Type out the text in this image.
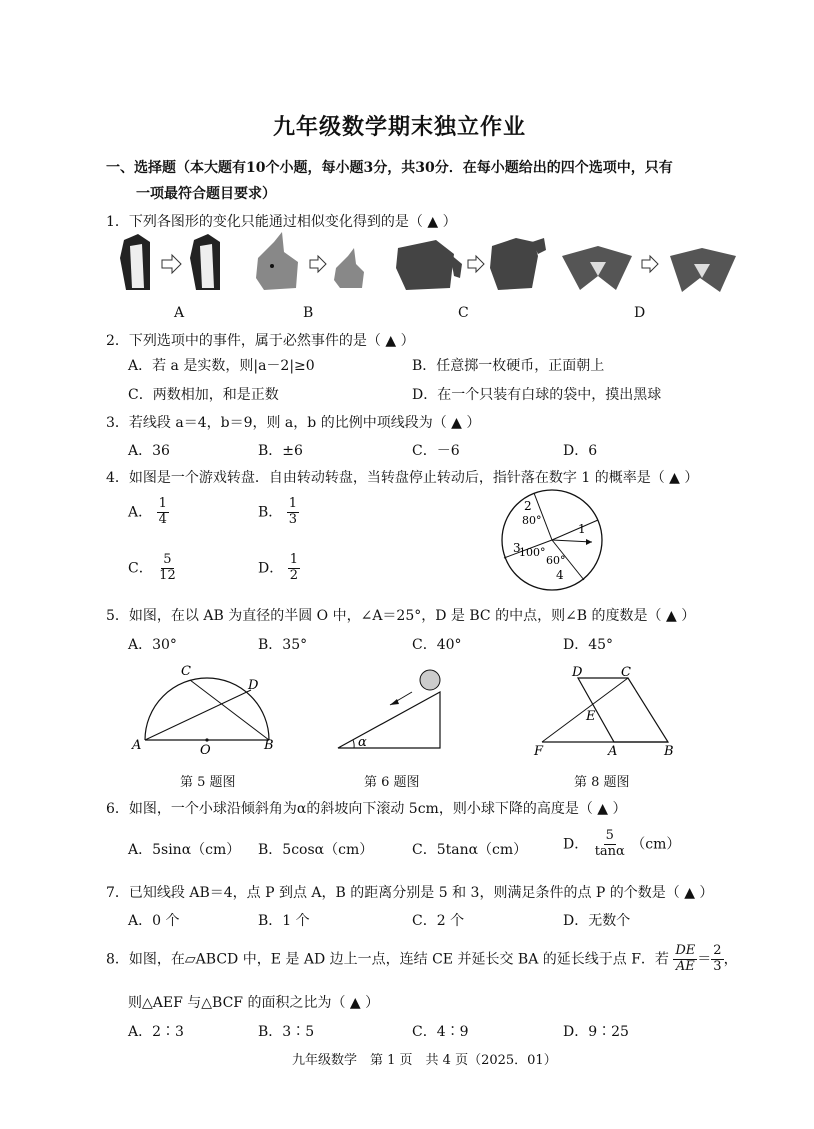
九年级数学期末独立作业
一、选择题（本大题有10个小题，每小题3分，共30分．在每小题给出的四个选项中，只有
一项最符合题目要求）
1．下列各图形的变化只能通过相似变化得到的是（ ▲ ）
A	B	C	D
2．下列选项中的事件，属于必然事件的是（ ▲ ）
A．若 a 是实数，则|a－2|≥0	B．任意掷一枚硬币，正面朝上
C．两数相加，和是正数	D．在一个只装有白球的袋中，摸出黑球
3．若线段 a＝4，b＝9，则 a，b 的比例中项线段为（ ▲ ）
A．36	B．±6	C．－6	D．6
4．如图是一个游戏转盘．自由转动转盘，当转盘停止转动后，指针落在数字 1 的概率是（ ▲ ）
A． $\frac{1}{4}$	B． $\frac{1}{3}$
C． $\frac{5}{12}$	D． $\frac{1}{2}$
2
80°
1
3
100°
60°
4
5．如图，在以 AB 为直径的半圆 O 中，∠A＝25°，D 是 BC 的中点，则∠B 的度数是（ ▲ ）
A．30°	B．35°	C．40°	D．45°
A	O	B
C
D
第 5 题图
α
第 6 题图
D	C
E
F	A	B
第 8 题图
6．如图，一个小球沿倾斜角为α的斜坡向下滚动 5cm，则小球下降的高度是（ ▲ ）
A．5sinα（cm） B．5cosα（cm）	C．5tanα（cm）	D． $\frac{5}{\tan\alpha} (cm)$
7．已知线段 AB＝4，点 P 到点 A，B 的距离分别是 5 和 3，则满足条件的点 P 的个数是（ ▲ ）
A．0 个	B．1 个	C．2 个	D．无数个
8．如图，在▱ABCD 中，E 是 AD 边上一点，连结 CE 并延长交 BA 的延长线于点 F．若 $\frac{DE}{AE} = \frac{2}{3}$ ，
则△AEF 与△BCF 的面积之比为（ ▲ ）
A．2∶3	B．3∶5	C．4∶9	D．9∶25
九年级数学　第 1 页　共 4 页（2025．01）
